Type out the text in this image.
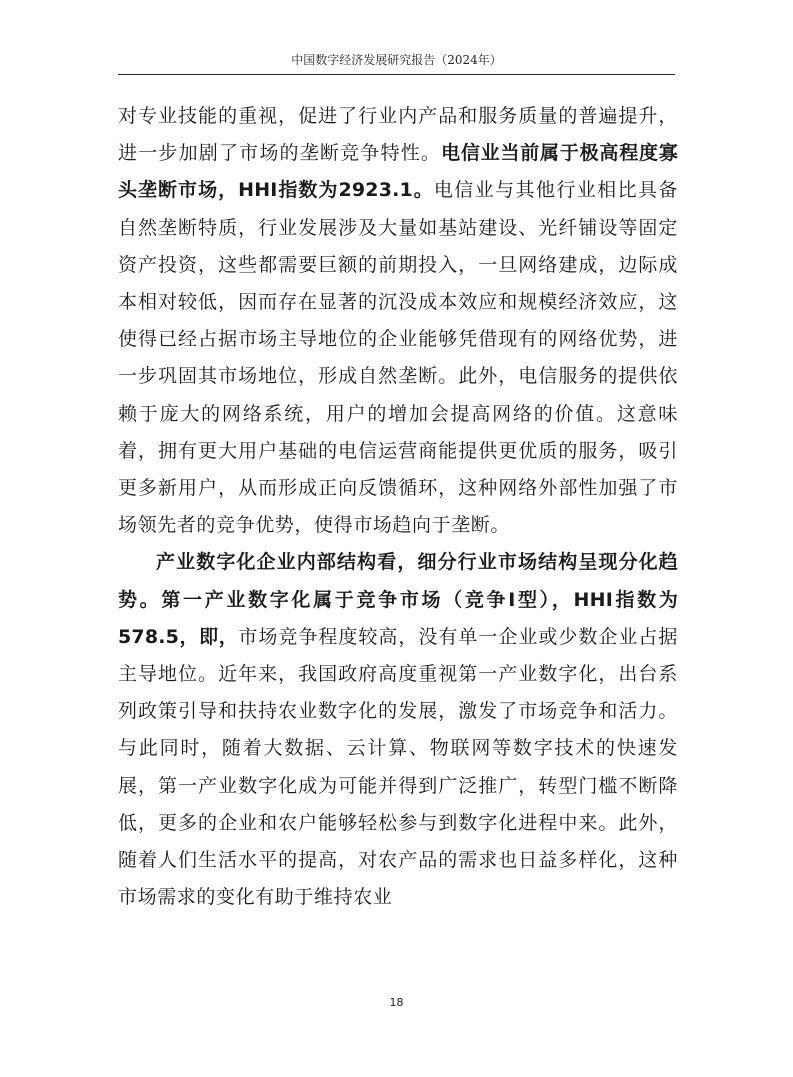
中国数字经济发展研究报告（2024年）

对专业技能的重视，促进了行业内产品和服务质量的普遍提升，进一步加剧了市场的垄断竞争特性。电信业当前属于极高程度寡头垄断市场，HHI指数为2923.1。电信业与其他行业相比具备自然垄断特质，行业发展涉及大量如基站建设、光纤铺设等固定资产投资，这些都需要巨额的前期投入，一旦网络建成，边际成本相对较低，因而存在显著的沉没成本效应和规模经济效应，这使得已经占据市场主导地位的企业能够凭借现有的网络优势，进一步巩固其市场地位，形成自然垄断。此外，电信服务的提供依赖于庞大的网络系统，用户的增加会提高网络的价值。这意味着，拥有更大用户基础的电信运营商能提供更优质的服务，吸引更多新用户，从而形成正向反馈循环，这种网络外部性加强了市场领先者的竞争优势，使得市场趋向于垄断。

产业数字化企业内部结构看，细分行业市场结构呈现分化趋势。第一产业数字化属于竞争市场（竞争I型），HHI指数为578.5，即，市场竞争程度较高，没有单一企业或少数企业占据主导地位。近年来，我国政府高度重视第一产业数字化，出台系列政策引导和扶持农业数字化的发展，激发了市场竞争和活力。与此同时，随着大数据、云计算、物联网等数字技术的快速发展，第一产业数字化成为可能并得到广泛推广，转型门槛不断降低，更多的企业和农户能够轻松参与到数字化进程中来。此外，随着人们生活水平的提高，对农产品的需求也日益多样化，这种市场需求的变化有助于维持农业

18
